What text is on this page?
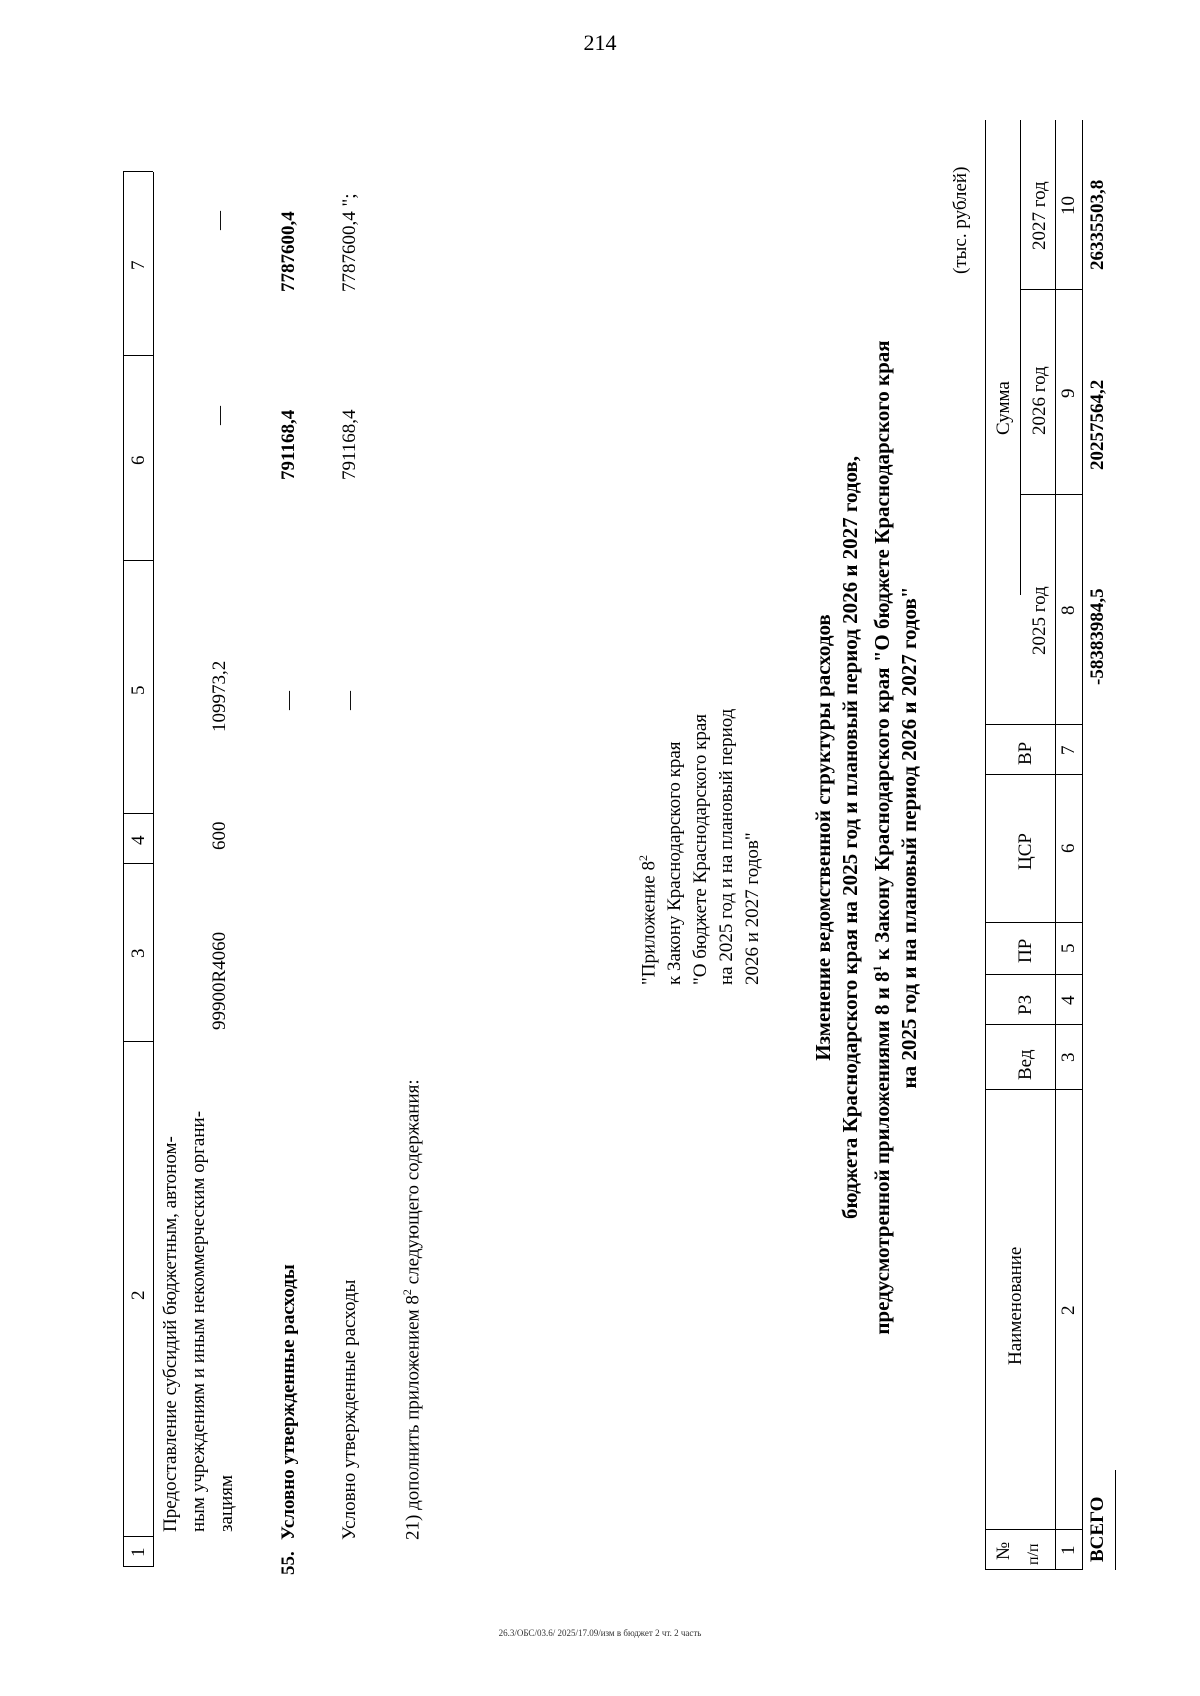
214
1
2
3
4
5
6
7
Предоставление субсидий бюджетным, автоном- ным учреждениям и иным некоммерческим органи- зациям
99900R4060
600
109973,2
—
—
55.
Условно утвержденные расходы
—
791168,4
7787600,4
Условно утвержденные расходы
—
791168,4
7787600,4 ";
21) дополнить приложением $8^2$ следующего содержания:
"Приложение $8^2$ к Закону Краснодарского края "О бюджете Краснодарского края на 2025 год и на плановый период 2026 и 2027 годов" Изменение ведомственной структуры расходов бюджета Краснодарского края на 2025 год и плановый период 2026 и 2027 годов, предусмотренной приложениями 8 и $8^1$ к Закону Краснодарского края "О бюджете Краснодарского края на 2025 год и на плановый период 2026 и 2027 годов"
(тыс. рублей)
№ п/п
Наименование
Вед
РЗ
ПР
ЦСР
ВР
Сумма
2025 год
2026 год
2027 год
1
2
3
4
5
6
7
8
9
10
ВСЕГО
-58383984,5
20257564,2
26335503,8
26.3/ОБС/03.6/ 2025/17.09/изм в бюджет 2 чт. 2 часть
